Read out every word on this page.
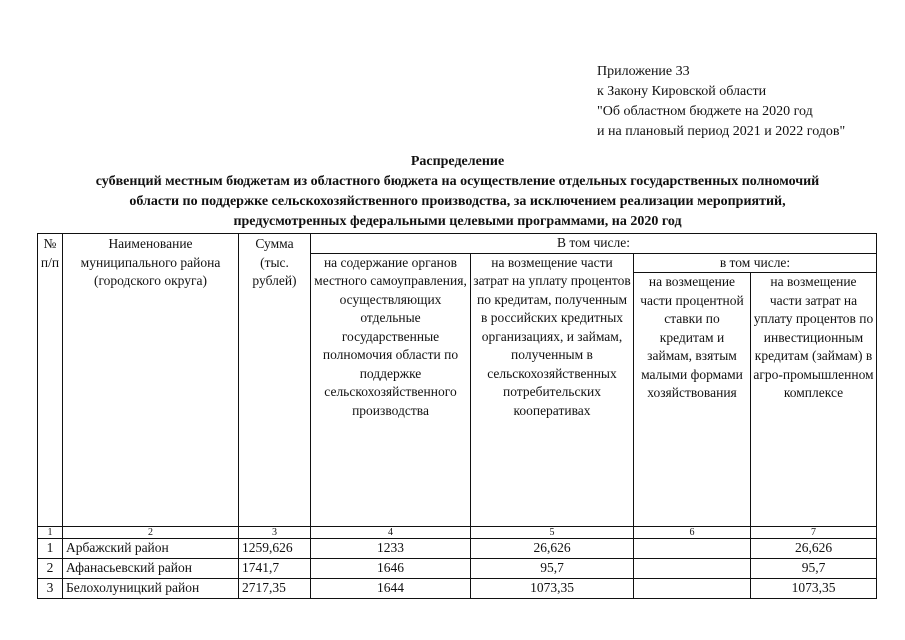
Приложение 33
к Закону Кировской области
"Об областном бюджете на 2020 год
и на плановый период 2021 и 2022 годов"
Распределение
субвенций местным бюджетам из областного бюджета на осуществление отдельных государственных полномочий
области по поддержке сельскохозяйственного производства, за исключением реализации мероприятий,
предусмотренных федеральными целевыми программами, на 2020 год
№ п/п	Наименование муниципального района (городского округа)	Сумма (тыс. рублей)	В том числе:			
			на содержание органов местного самоуправления, осуществляющих отдельные государственные полномочия области по поддержке сельскохозяйственного производства	на возмещение части затрат на уплату процентов по кредитам, полученным в российских кредитных организациях, и займам, полученным в сельскохозяйственных потребительских кооперативах	в том числе:	
					на возмещение части процентной ставки по кредитам и займам, взятым малыми формами хозяйствования	на возмещение части затрат на уплату процентов по инвестиционным кредитам (займам) в агро-промышленном комплексе
1	2	3	4	5	6	7
1	Арбажский район	1259,626	1233	26,626		26,626
2	Афанасьевский район	1741,7	1646	95,7		95,7
3	Белохолуницкий район	2717,35	1644	1073,35		1073,35
